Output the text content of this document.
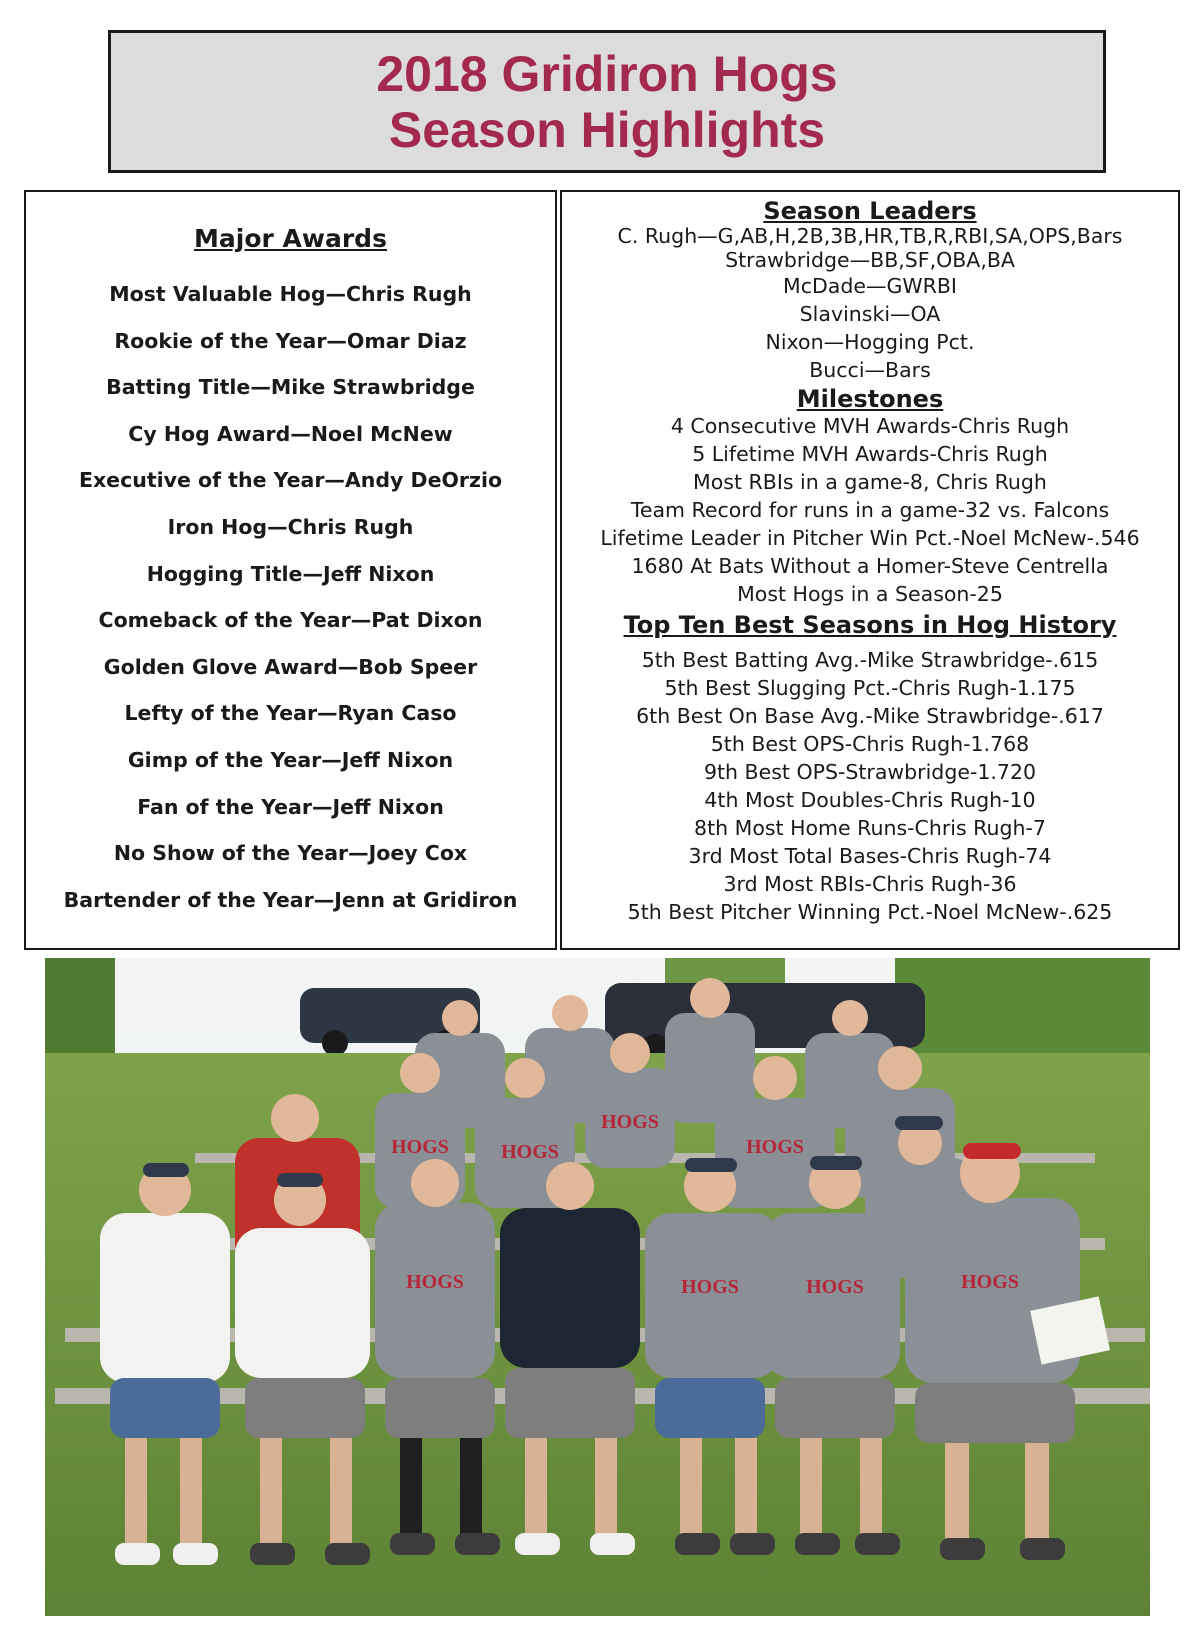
2018 Gridiron Hogs
Season Highlights
Major Awards
Most Valuable Hog—Chris Rugh
Rookie of the Year—Omar Diaz
Batting Title—Mike Strawbridge
Cy Hog Award—Noel McNew
Executive of the Year—Andy DeOrzio
Iron Hog—Chris Rugh
Hogging Title—Jeff Nixon
Comeback of the Year—Pat Dixon
Golden Glove Award—Bob Speer
Lefty of the Year—Ryan Caso
Gimp of the Year—Jeff Nixon
Fan of the Year—Jeff Nixon
No Show of the Year—Joey Cox
Bartender of the Year—Jenn at Gridiron
Season Leaders
C. Rugh—G,AB,H,2B,3B,HR,TB,R,RBI,SA,OPS,Bars
Strawbridge—BB,SF,OBA,BA
McDade—GWRBI
Slavinski—OA
Nixon—Hogging Pct.
Bucci—Bars
Milestones
4 Consecutive MVH Awards-Chris Rugh
5 Lifetime MVH Awards-Chris Rugh
Most RBIs in a game-8, Chris Rugh
Team Record for runs in a game-32 vs. Falcons
Lifetime Leader in Pitcher Win Pct.-Noel McNew-.546
1680 At Bats Without a Homer-Steve Centrella
Most Hogs in a Season-25
Top Ten Best Seasons in Hog History
5th Best Batting Avg.-Mike Strawbridge-.615
5th Best Slugging Pct.-Chris Rugh-1.175
6th Best On Base Avg.-Mike Strawbridge-.617
5th Best OPS-Chris Rugh-1.768
9th Best OPS-Strawbridge-1.720
4th Most Doubles-Chris Rugh-10
8th Most Home Runs-Chris Rugh-7
3rd Most Total Bases-Chris Rugh-74
3rd Most RBIs-Chris Rugh-36
5th Best Pitcher Winning Pct.-Noel McNew-.625
HOGS	HOGS	HOGS	HOGS
HOGS
HOGS	HOGS
HOGS
